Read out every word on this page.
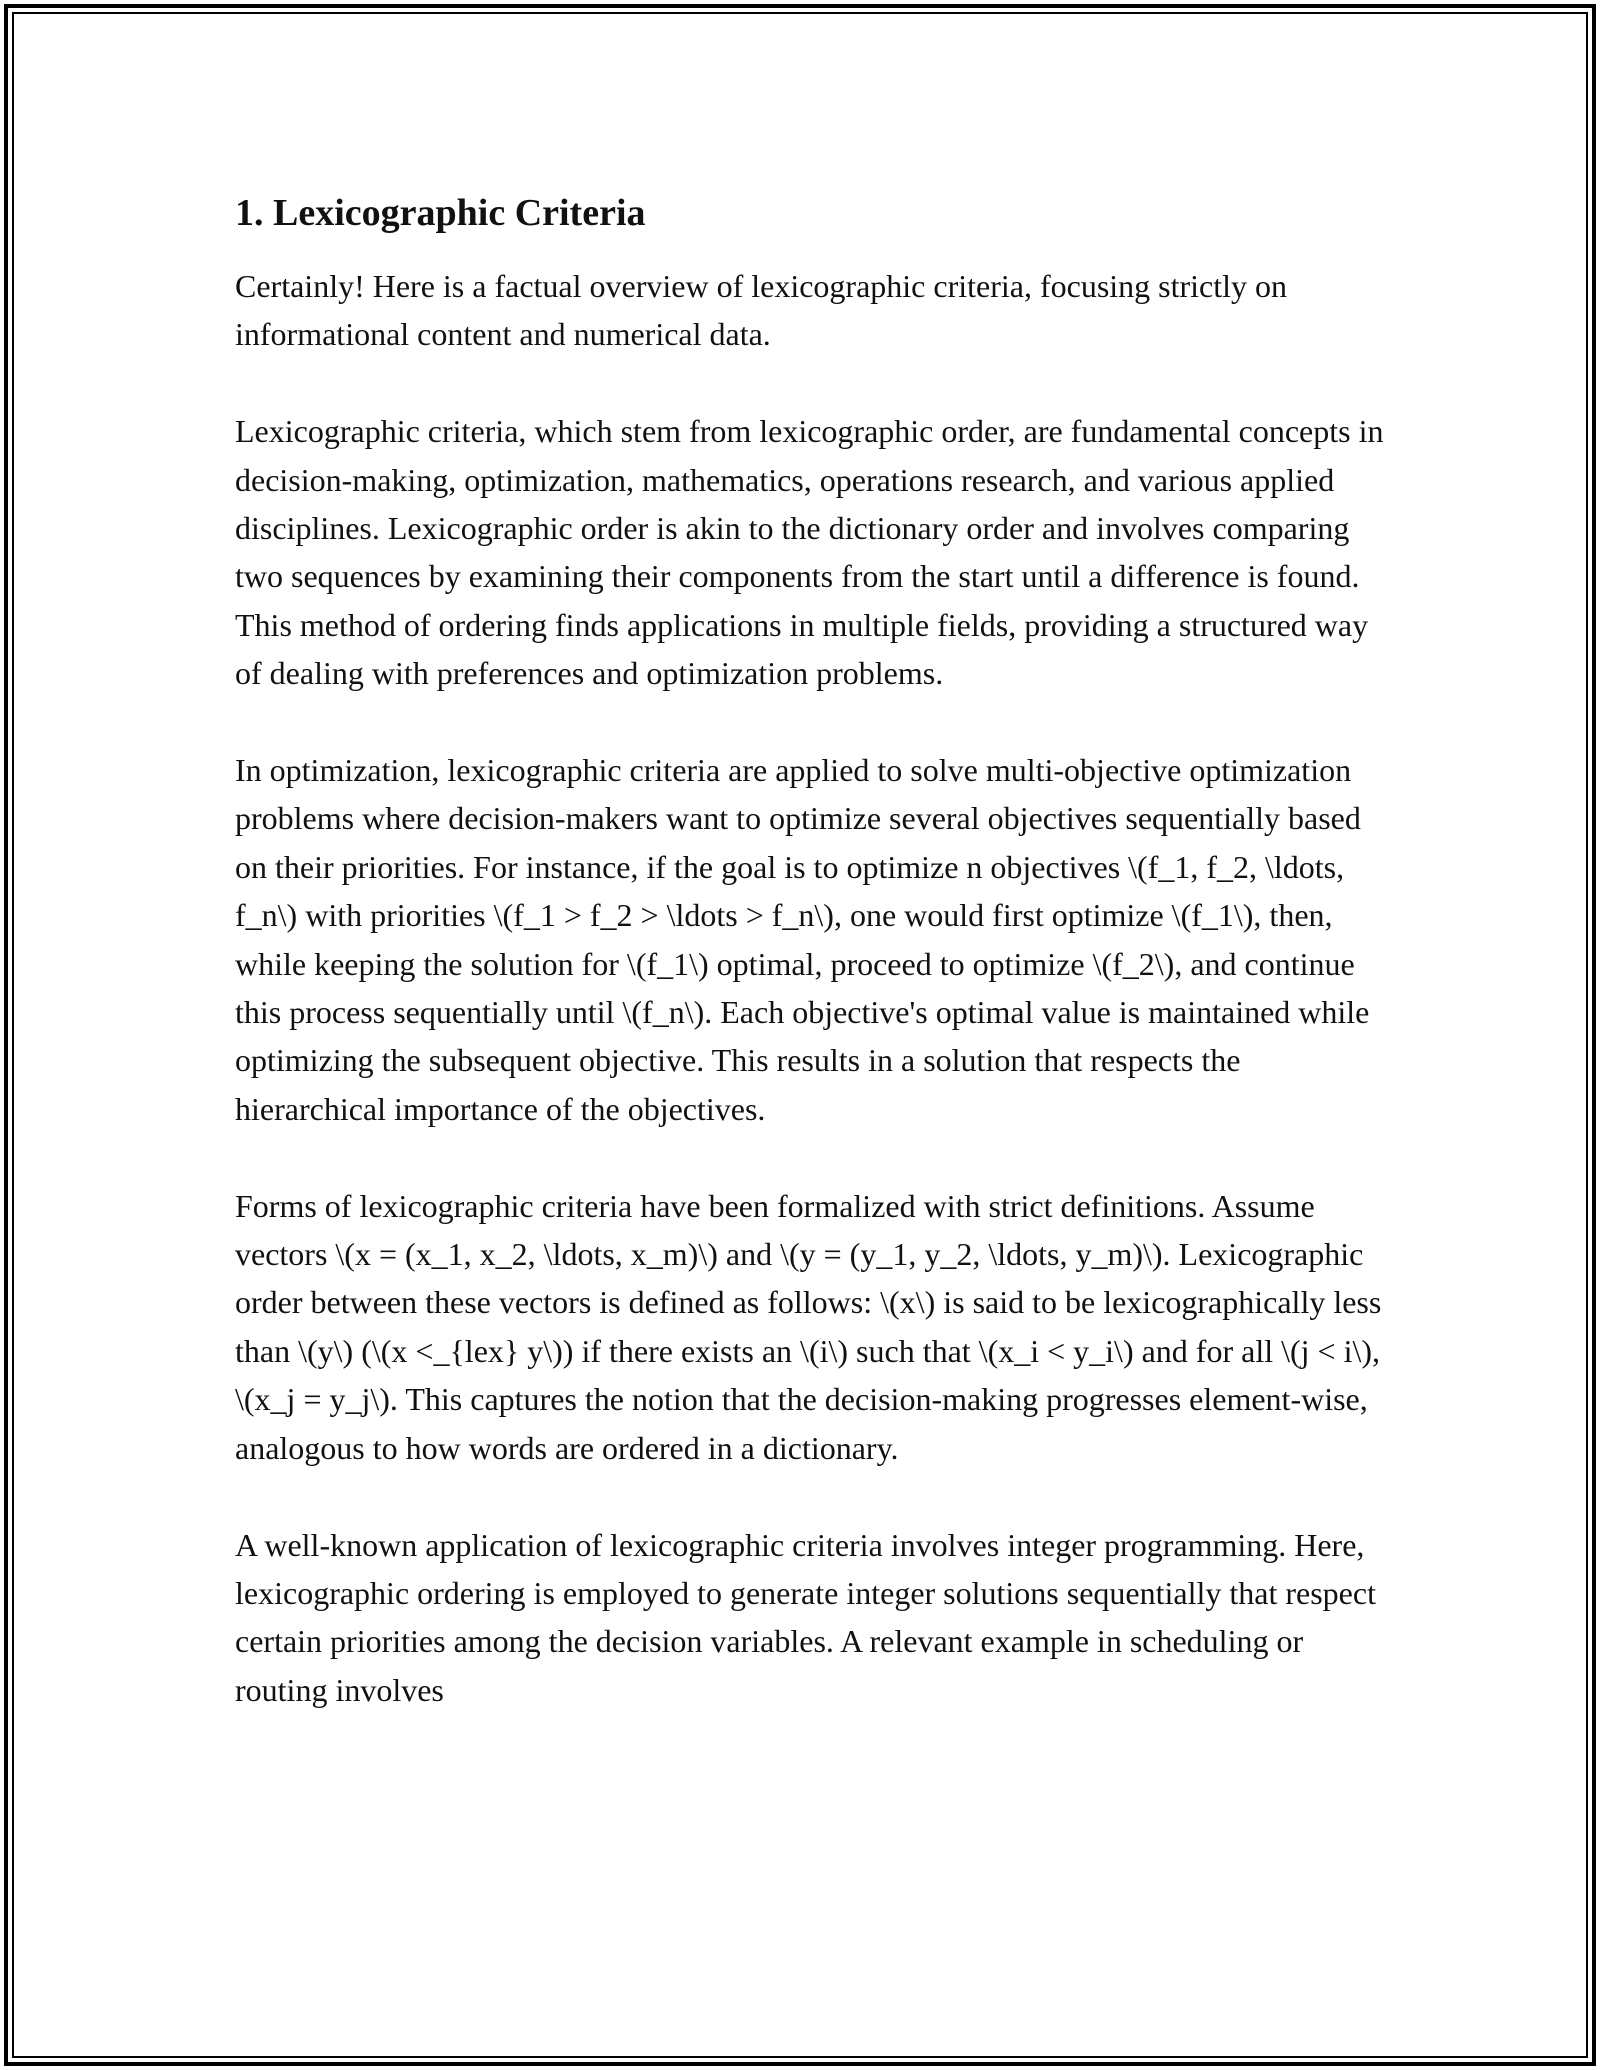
1. Lexicographic Criteria

Certainly! Here is a factual overview of lexicographic criteria, focusing strictly on informational content and numerical data.

Lexicographic criteria, which stem from lexicographic order, are fundamental concepts in decision-making, optimization, mathematics, operations research, and various applied disciplines. Lexicographic order is akin to the dictionary order and involves comparing two sequences by examining their components from the start until a difference is found. This method of ordering finds applications in multiple fields, providing a structured way of dealing with preferences and optimization problems.

In optimization, lexicographic criteria are applied to solve multi-objective optimization problems where decision-makers want to optimize several objectives sequentially based on their priorities. For instance, if the goal is to optimize n objectives \(f_1, f_2, \ldots, f_n\) with priorities \(f_1 > f_2 > \ldots > f_n\), one would first optimize \(f_1\), then, while keeping the solution for \(f_1\) optimal, proceed to optimize \(f_2\), and continue this process sequentially until \(f_n\). Each objective's optimal value is maintained while optimizing the subsequent objective. This results in a solution that respects the hierarchical importance of the objectives.

Forms of lexicographic criteria have been formalized with strict definitions. Assume vectors \(x = (x_1, x_2, \ldots, x_m)\) and \(y = (y_1, y_2, \ldots, y_m)\). Lexicographic order between these vectors is defined as follows: \(x\) is said to be lexicographically less than \(y\) (\(x <_{lex} y\)) if there exists an \(i\) such that \(x_i < y_i\) and for all \(j < i\), \(x_j = y_j\). This captures the notion that the decision-making progresses element-wise, analogous to how words are ordered in a dictionary.

A well-known application of lexicographic criteria involves integer programming. Here, lexicographic ordering is employed to generate integer solutions sequentially that respect certain priorities among the decision variables. A relevant example in scheduling or routing involves
